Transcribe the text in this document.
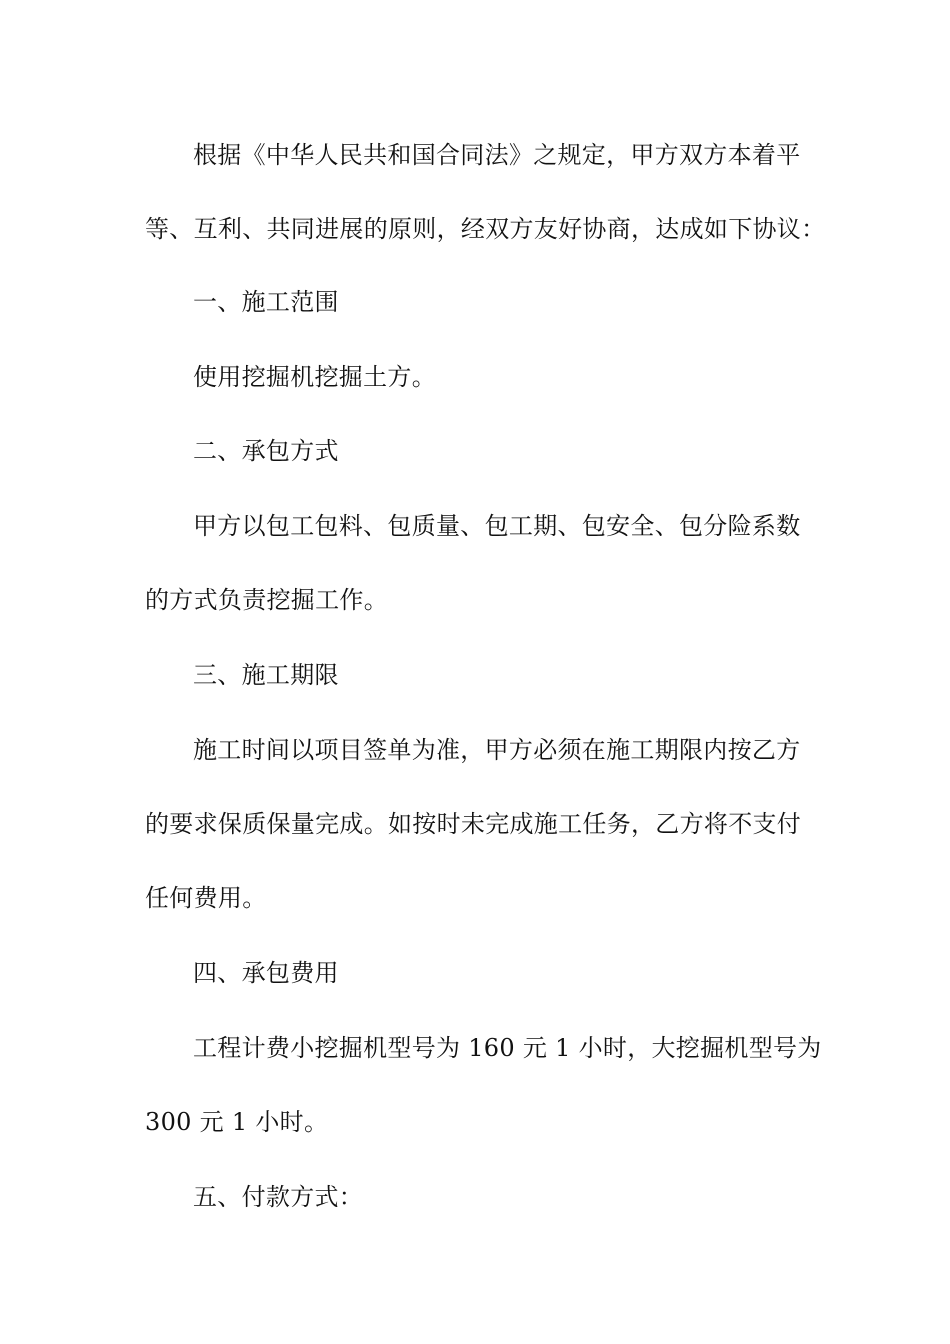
根据《中华人民共和国合同法》之规定，甲方双方本着平
等、互利、共同进展的原则，经双方友好协商，达成如下协议：
一、施工范围
使用挖掘机挖掘土方。
二、承包方式
甲方以包工包料、包质量、包工期、包安全、包分险系数
的方式负责挖掘工作。
三、施工期限
施工时间以项目签单为准，甲方必须在施工期限内按乙方
的要求保质保量完成。如按时未完成施工任务，乙方将不支付
任何费用。
四、承包费用
工程计费小挖掘机型号为 160 元 1 小时，大挖掘机型号为
300 元 1 小时。
五、付款方式：
